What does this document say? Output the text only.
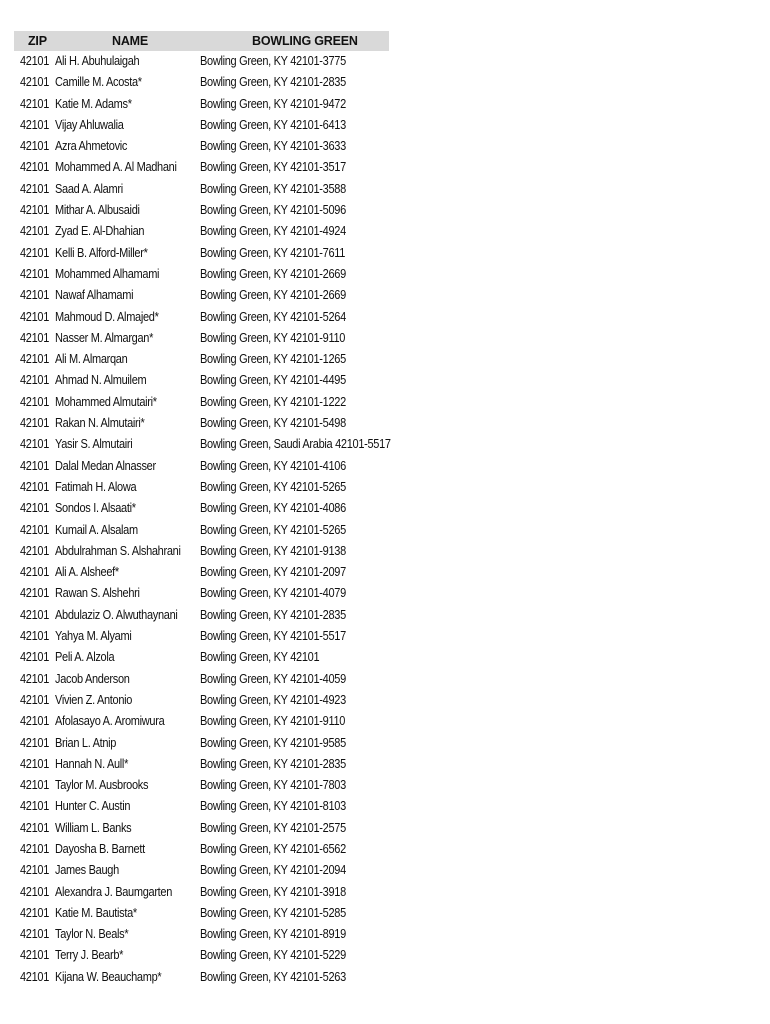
ZIP	NAME	BOWLING GREEN
42101 Ali H. Abuhulaigah	Bowling Green, KY 42101-3775
42101 Camille M. Acosta*	Bowling Green, KY 42101-2835
42101 Katie M. Adams*	Bowling Green, KY 42101-9472
42101 Vijay Ahluwalia	Bowling Green, KY 42101-6413
42101 Azra Ahmetovic	Bowling Green, KY 42101-3633
42101 Mohammed A. Al Madhani Bowling Green, KY 42101-3517
42101 Saad A. Alamri	Bowling Green, KY 42101-3588
42101 Mithar A. Albusaidi	Bowling Green, KY 42101-5096
42101 Zyad E. Al-Dhahian	Bowling Green, KY 42101-4924
42101 Kelli B. Alford-Miller*	Bowling Green, KY 42101-7611
42101 Mohammed Alhamami	Bowling Green, KY 42101-2669
42101 Nawaf Alhamami	Bowling Green, KY 42101-2669
42101 Mahmoud D. Almajed*	Bowling Green, KY 42101-5264
42101 Nasser M. Almargan*	Bowling Green, KY 42101-9110
42101 Ali M. Almarqan	Bowling Green, KY 42101-1265
42101 Ahmad N. Almuilem	Bowling Green, KY 42101-4495
42101 Mohammed Almutairi*	Bowling Green, KY 42101-1222
42101 Rakan N. Almutairi*	Bowling Green, KY 42101-5498
42101 Yasir S. Almutairi	Bowling Green, Saudi Arabia 42101-5517
42101 Dalal Medan Alnasser	Bowling Green, KY 42101-4106
42101 Fatimah H. Alowa	Bowling Green, KY 42101-5265
42101 Sondos I. Alsaati*	Bowling Green, KY 42101-4086
42101 Kumail A. Alsalam	Bowling Green, KY 42101-5265
42101 Abdulrahman S. Alshahrani Bowling Green, KY 42101-9138
42101 Ali A. Alsheef*	Bowling Green, KY 42101-2097
42101 Rawan S. Alshehri	Bowling Green, KY 42101-4079
42101 Abdulaziz O. Alwuthaynani Bowling Green, KY 42101-2835
42101 Yahya M. Alyami	Bowling Green, KY 42101-5517
42101 Peli A. Alzola	Bowling Green, KY 42101
42101 Jacob Anderson	Bowling Green, KY 42101-4059
42101 Vivien Z. Antonio	Bowling Green, KY 42101-4923
42101 Afolasayo A. Aromiwura	Bowling Green, KY 42101-9110
42101 Brian L. Atnip	Bowling Green, KY 42101-9585
42101 Hannah N. Aull*	Bowling Green, KY 42101-2835
42101 Taylor M. Ausbrooks	Bowling Green, KY 42101-7803
42101 Hunter C. Austin	Bowling Green, KY 42101-8103
42101 William L. Banks	Bowling Green, KY 42101-2575
42101 Dayosha B. Barnett	Bowling Green, KY 42101-6562
42101 James Baugh	Bowling Green, KY 42101-2094
42101 Alexandra J. Baumgarten Bowling Green, KY 42101-3918
42101 Katie M. Bautista*	Bowling Green, KY 42101-5285
42101 Taylor N. Beals*	Bowling Green, KY 42101-8919
42101 Terry J. Bearb*	Bowling Green, KY 42101-5229
42101 Kijana W. Beauchamp*	Bowling Green, KY 42101-5263
